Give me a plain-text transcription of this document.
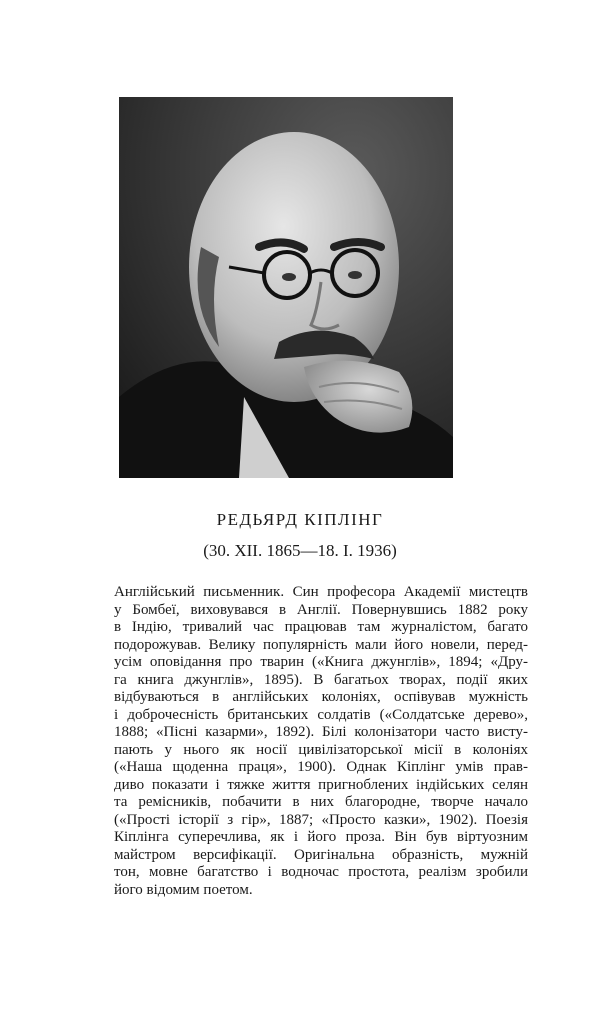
РЕДЬЯРД КІПЛІНГ

(30. XII. 1865—18. I. 1936)

Англійський письменник. Син професора Академії мистецтв
у Бомбеї, виховувався в Англії. Повернувшись 1882 року
в Індію, тривалий час працював там журналістом, багато
подорожував. Велику популярність мали його новели, перед-
усім оповідання про тварин («Книга джунглів», 1894; «Дру-
га книга джунглів», 1895). В багатьох творах, події яких
відбуваються в англійських колоніях, оспівував мужність
і доброчесність британських солдатів («Солдатське дерево»,
1888; «Пісні казарми», 1892). Білі колонізатори часто висту-
пають у нього як носії цивілізаторської місії в колоніях
(«Наша щоденна праця», 1900). Однак Кіплінг умів прав-
диво показати і тяжке життя пригноблених індійських селян
та ремісників, побачити в них благородне, творче начало
(«Прості історії з гір», 1887; «Просто казки», 1902). Поезія
Кіплінга суперечлива, як і його проза. Він був віртуозним
майстром версифікації. Оригінальна образність, мужній
тон, мовне багатство і водночас простота, реалізм зробили
його відомим поетом.
